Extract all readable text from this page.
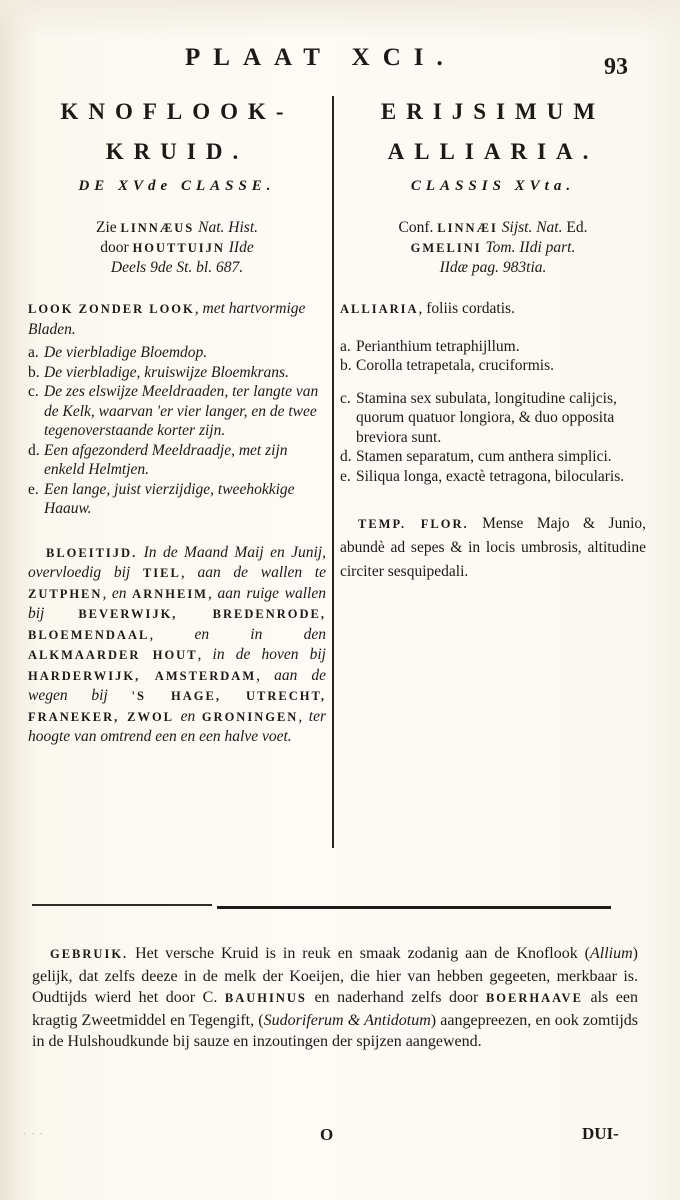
PLAAT XCI.	93
KNOFLOOK-
KRUID.
DE XVde CLASSE.
Zie LINNÆUS Nat. Hist.
door HOUTTUIJN IIde
Deels 9de St. bl. 687.
LOOK ZONDER LOOK, met hartvormige Bladen.
a. De vierbladige Bloemdop.
b. De vierbladige, kruiswijze Bloemkrans.
c. De zes elswijze Meeldraaden, ter langte van de Kelk, waarvan 'er vier langer, en de twee tegenoverstaande korter zijn.
d. Een afgezonderd Meeldraadje, met zijn enkeld Helmtjen.
e. Een lange, juist vierzijdige, tweehokkige Haauw.
BLOEITIJD. In de Maand Maij en Junij, overvloedig bij TIEL, aan de wallen te ZUTPHEN, en ARNHEIM, aan ruige wallen bij BEVERWIJK, BREDENRODE, BLOEMENDAAL, en in den ALKMAARDER HOUT, in de hoven bij HARDERWIJK, AMSTERDAM, aan de wegen bij 'S HAGE, UTRECHT, FRANEKER, ZWOL en GRONINGEN, ter hoogte van omtrend een en een halve voet.
ERIJSIMUM
ALLIARIA.
CLASSIS XVta.
Conf. LINNÆI Sijst. Nat. Ed.
GMELINI Tom. IIdi part.
IIdæ pag. 983tia.
ALLIARIA, foliis cordatis.
a. Perianthium tetraphijllum.
b. Corolla tetrapetala, cruciformis.
c. Stamina sex subulata, longitudine calijcis, quorum quatuor longiora, & duo opposita breviora sunt.
d. Stamen separatum, cum anthera simplici.
e. Siliqua longa, exactè tetragona, bilocularis.
TEMP. FLOR. Mense Majo & Junio, abundè ad sepes & in locis umbrosis, altitudine circiter sesquipedali.
GEBRUIK. Het versche Kruid is in reuk en smaak zodanig aan de Knoflook (Allium) gelijk, dat zelfs deeze in de melk der Koeijen, die hier van hebben gegeeten, merkbaar is. Oudtijds wierd het door C. BAUHINUS en naderhand zelfs door BOERHAAVE als een kragtig Zweetmiddel en Tegengift, (Sudoriferum & Antidotum) aangepreezen, en ook zomtijds in de Hulshoudkunde bij sauze en inzoutingen der spijzen aangewend.
···	O	DUI-
